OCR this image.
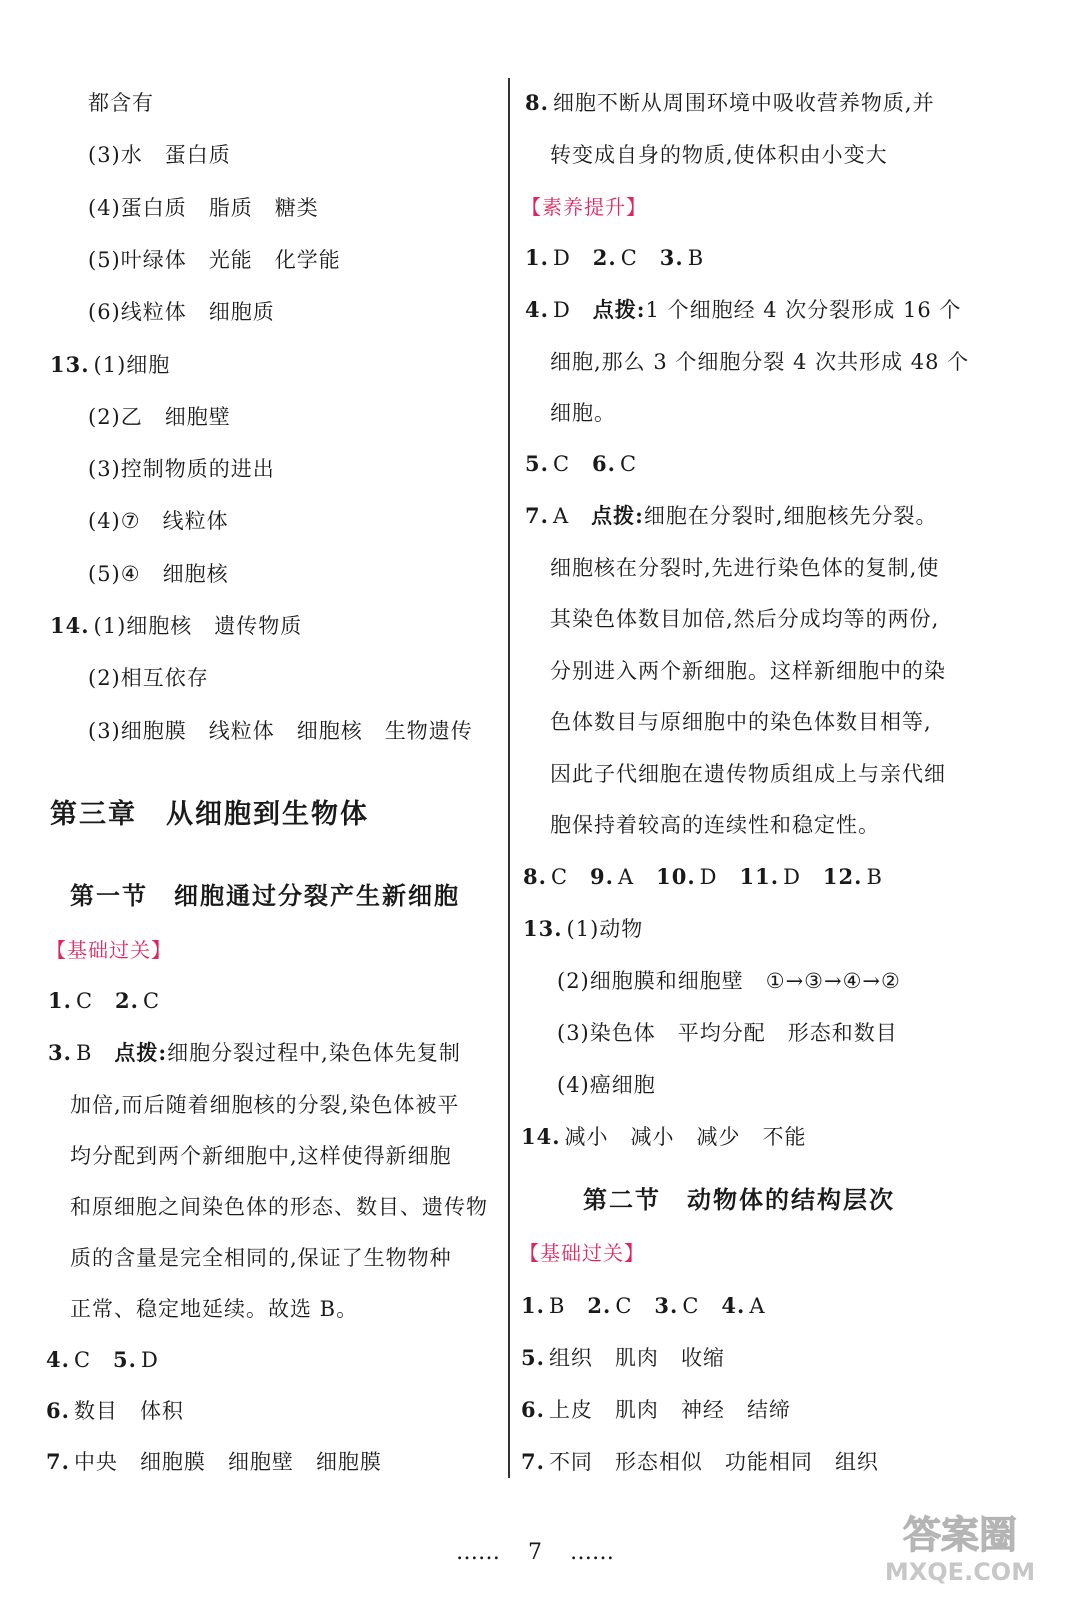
都含有
(3)水 蛋白质
(4)蛋白质 脂质 糖类
(5)叶绿体 光能 化学能
(6)线粒体 细胞质
13. (1)细胞
(2)乙 细胞壁
(3)控制物质的进出
(4)⑦ 线粒体
(5)④ 细胞核
14. (1)细胞核 遗传物质
(2)相互依存
(3)细胞膜 线粒体 细胞核 生物遗传
第三章　从细胞到生物体
第一节　细胞通过分裂产生新细胞
【基础过关】
1. C 2. C
3. B 点拨:细胞分裂过程中,染色体先复制
加倍,而后随着细胞核的分裂,染色体被平
均分配到两个新细胞中,这样使得新细胞
和原细胞之间染色体的形态、数目、遗传物
质的含量是完全相同的,保证了生物物种
正常、稳定地延续。故选 B。
4. C 5. D
6. 数目 体积
7. 中央 细胞膜 细胞壁 细胞膜
8. 细胞不断从周围环境中吸收营养物质,并
转变成自身的物质,使体积由小变大
【素养提升】
1. D 2. C 3. B
4. D 点拨:1 个细胞经 4 次分裂形成 16 个
细胞,那么 3 个细胞分裂 4 次共形成 48 个
细胞。
5. C 6. C
7. A 点拨:细胞在分裂时,细胞核先分裂。
细胞核在分裂时,先进行染色体的复制,使
其染色体数目加倍,然后分成均等的两份,
分别进入两个新细胞。这样新细胞中的染
色体数目与原细胞中的染色体数目相等,
因此子代细胞在遗传物质组成上与亲代细
胞保持着较高的连续性和稳定性。
8. C 9. A 10. D 11. D 12. B
13. (1)动物
(2)细胞膜和细胞壁 ①→③→④→②
(3)染色体 平均分配 形态和数目
(4)癌细胞
14. 减小 减小 减少 不能
第二节　动物体的结构层次
【基础过关】
1. B 2. C 3. C 4. A
5. 组织 肌肉 收缩
6. 上皮 肌肉 神经 结缔
7. 不同 形态相似 功能相同 组织
…… 7 ……	答案圈
MXQE.COM
